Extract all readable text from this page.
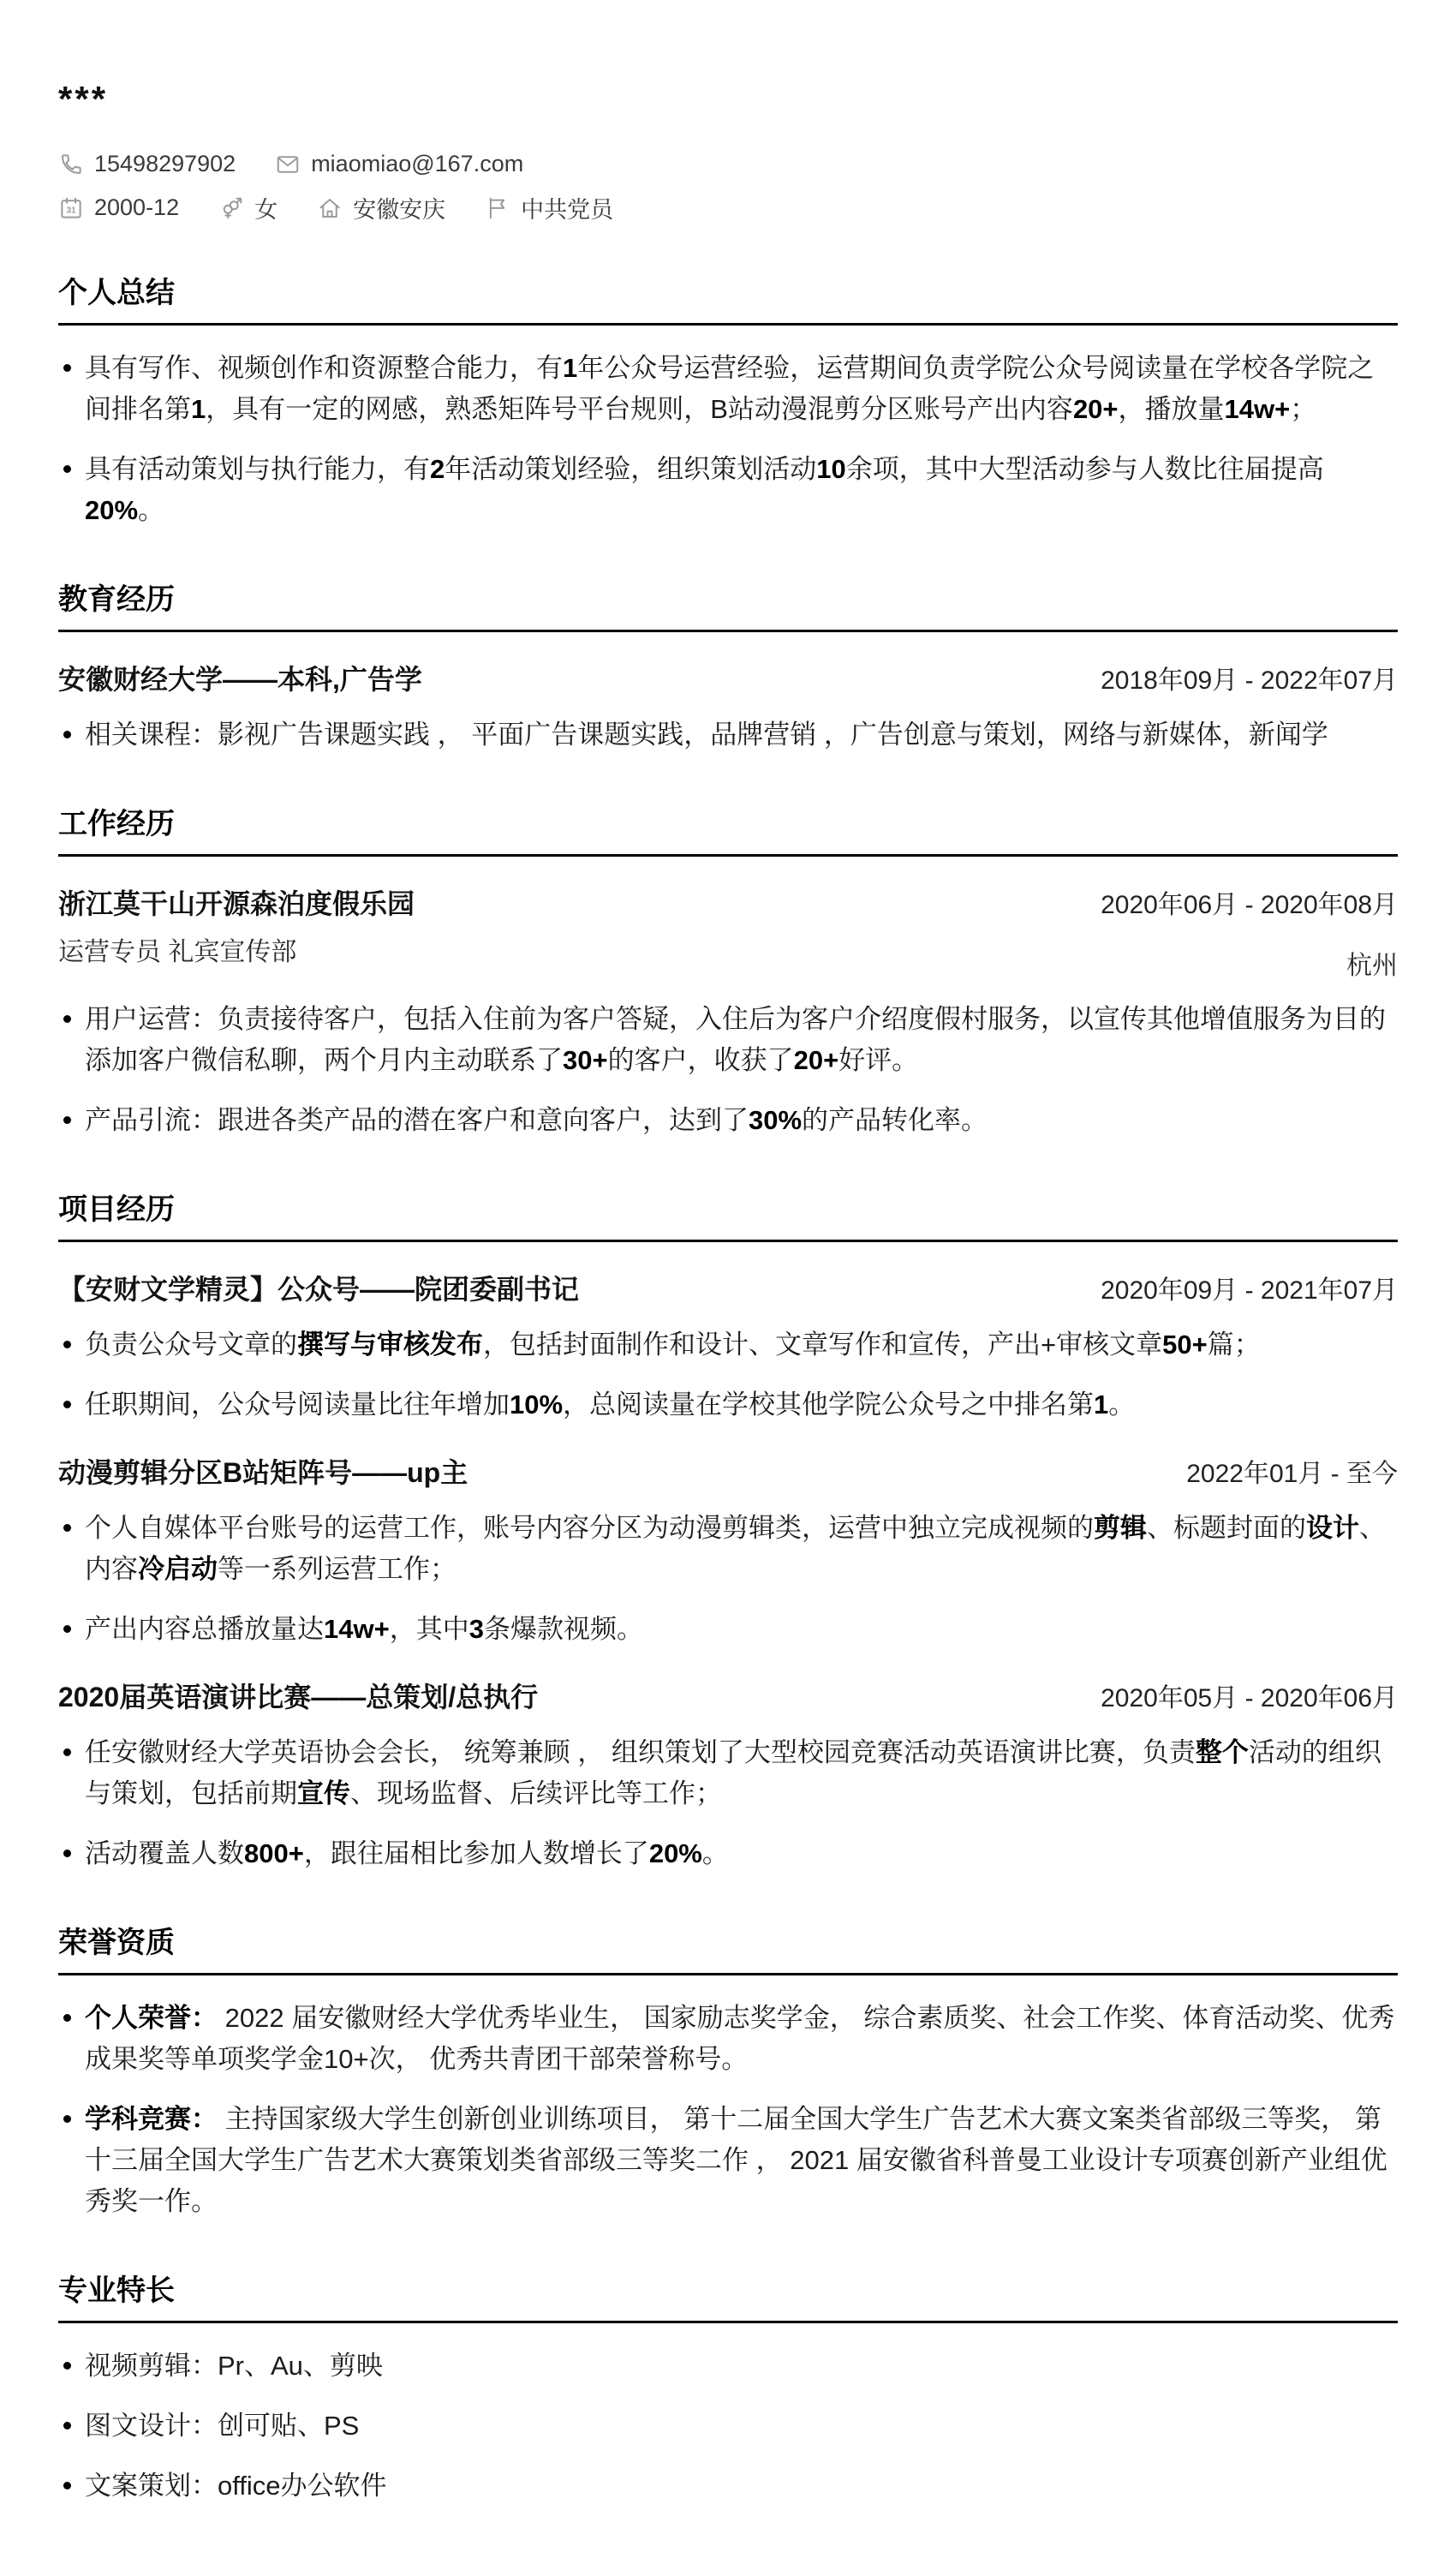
***
15498297902	miaomiao@167.com
31 2000-12	女	安徽安庆	中共党员
个人总结
具有写作、视频创作和资源整合能力，有1年公众号运营经验，运营期间负责学院公众号阅读量在学校各学院之间排名第1，具有一定的网感，熟悉矩阵号平台规则，B站动漫混剪分区账号产出内容20+，播放量14w+；
具有活动策划与执行能力，有2年活动策划经验，组织策划活动10余项，其中大型活动参与人数比往届提高20%。
教育经历
安徽财经大学——本科,广告学	2018年09月 - 2022年07月
相关课程：影视广告课题实践 ， 平面广告课题实践，品牌营销 ，广告创意与策划，网络与新媒体，新闻学
工作经历
浙江莫干山开源森泊度假乐园	2020年06月 - 2020年08月
运营专员 礼宾宣传部	杭州
用户运营：负责接待客户，包括入住前为客户答疑，入住后为客户介绍度假村服务，以宣传其他增值服务为目的添加客户微信私聊，两个月内主动联系了30+的客户，收获了20+好评。
产品引流：跟进各类产品的潜在客户和意向客户，达到了30%的产品转化率。
项目经历
【安财文学精灵】公众号——院团委副书记	2020年09月 - 2021年07月
负责公众号文章的撰写与审核发布，包括封面制作和设计、文章写作和宣传，产出+审核文章50+篇；
任职期间，公众号阅读量比往年增加10%，总阅读量在学校其他学院公众号之中排名第1。
动漫剪辑分区B站矩阵号——up主	2022年01月 - 至今
个人自媒体平台账号的运营工作，账号内容分区为动漫剪辑类，运营中独立完成视频的剪辑、标题封面的设计、内容冷启动等一系列运营工作；
产出内容总播放量达14w+，其中3条爆款视频。
2020届英语演讲比赛——总策划/总执行	2020年05月 - 2020年06月
任安徽财经大学英语协会会长， 统筹兼顾 ， 组织策划了大型校园竞赛活动英语演讲比赛，负责整个活动的组织与策划，包括前期宣传、现场监督、后续评比等工作；
活动覆盖人数800+，跟往届相比参加人数增长了20%。
荣誉资质
个人荣誉： 2022 届安徽财经大学优秀毕业生， 国家励志奖学金， 综合素质奖、社会工作奖、体育活动奖、优秀成果奖等单项奖学金10+次， 优秀共青团干部荣誉称号。
学科竞赛： 主持国家级大学生创新创业训练项目， 第十二届全国大学生广告艺术大赛文案类省部级三等奖， 第十三届全国大学生广告艺术大赛策划类省部级三等奖二作 ， 2021 届安徽省科普曼工业设计专项赛创新产业组优秀奖一作。
专业特长
视频剪辑：Pr、Au、剪映
图文设计：创可贴、PS
文案策划：office办公软件
